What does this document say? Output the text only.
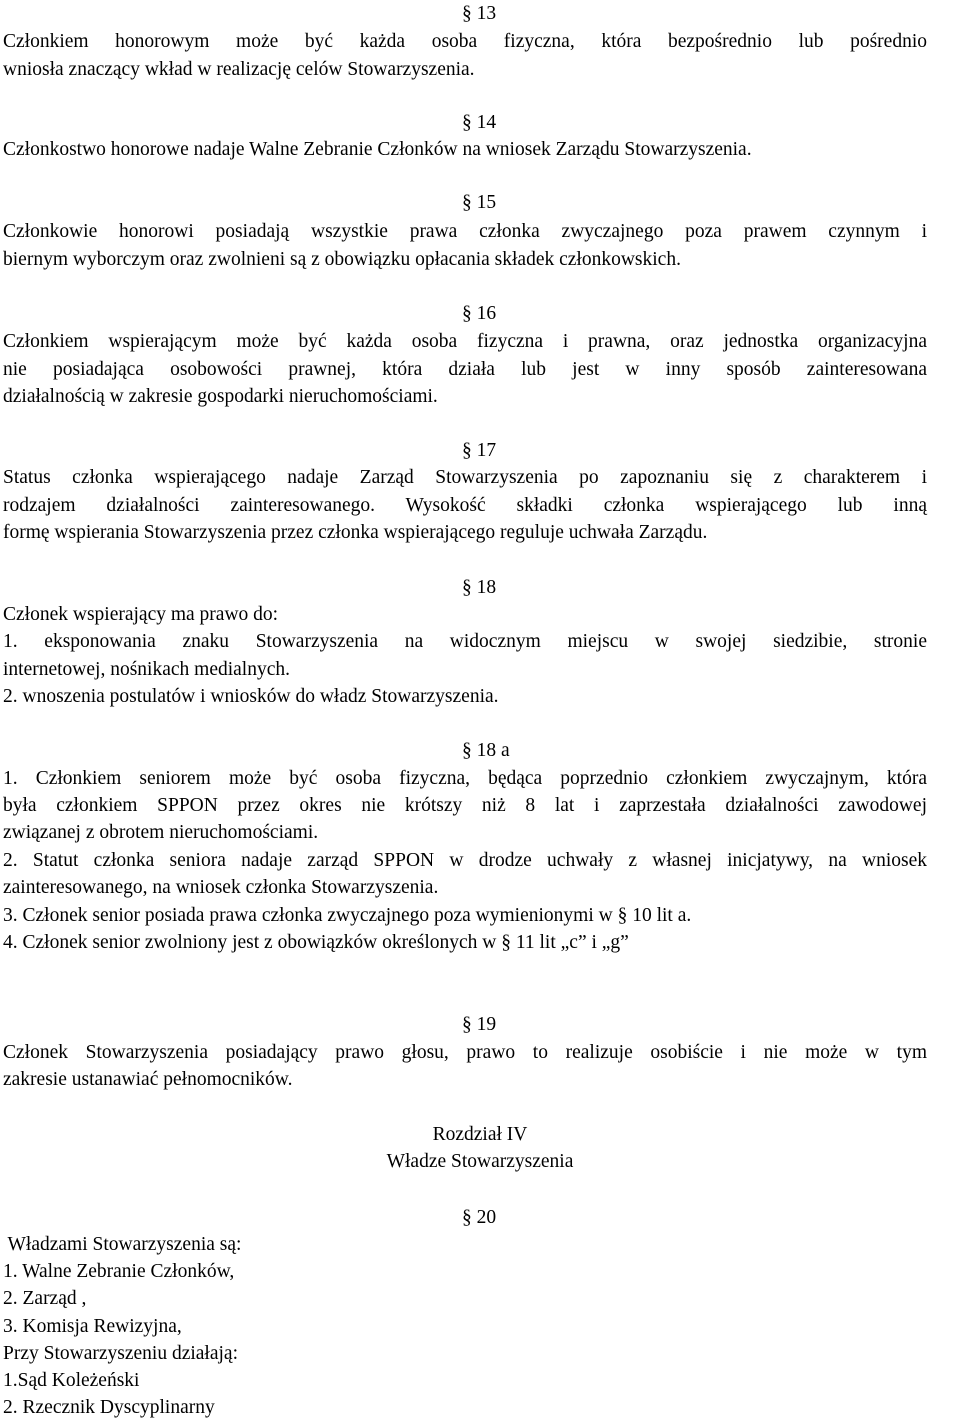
§ 13
Członkiem honorowym może być każda osoba fizyczna, która bezpośrednio lub pośrednio
wniosła znaczący wkład w realizację celów Stowarzyszenia.
§ 14
Członkostwo honorowe nadaje Walne Zebranie Członków na wniosek Zarządu Stowarzyszenia.
§ 15
Członkowie honorowi posiadają wszystkie prawa członka zwyczajnego poza prawem czynnym i
biernym wyborczym oraz zwolnieni są z obowiązku opłacania składek członkowskich.
§ 16
Członkiem wspierającym może być każda osoba fizyczna i prawna, oraz jednostka organizacyjna
nie posiadająca osobowości prawnej, która działa lub jest w inny sposób zainteresowana
działalnością w zakresie gospodarki nieruchomościami.
§ 17
Status członka wspierającego nadaje Zarząd Stowarzyszenia po zapoznaniu się z charakterem i
rodzajem działalności zainteresowanego. Wysokość składki członka wspierającego lub inną
formę wspierania Stowarzyszenia przez członka wspierającego reguluje uchwała Zarządu.
§ 18
Członek wspierający ma prawo do:
1. eksponowania znaku Stowarzyszenia na widocznym miejscu w swojej siedzibie, stronie
internetowej, nośnikach medialnych.
2. wnoszenia postulatów i wniosków do władz Stowarzyszenia.
§ 18 a
1. Członkiem seniorem może być osoba fizyczna, będąca poprzednio członkiem zwyczajnym, która
była członkiem SPPON przez okres nie krótszy niż 8 lat i zaprzestała działalności zawodowej
związanej z obrotem nieruchomościami.
2. Statut członka seniora nadaje zarząd SPPON w drodze uchwały z własnej inicjatywy, na wniosek
zainteresowanego, na wniosek członka Stowarzyszenia.
3. Członek senior posiada prawa członka zwyczajnego poza wymienionymi w § 10 lit a.
4. Członek senior zwolniony jest z obowiązków określonych w § 11 lit „c” i „g”
§ 19
Członek Stowarzyszenia posiadający prawo głosu, prawo to realizuje osobiście i nie może w tym
zakresie ustanawiać pełnomocników.
Rozdział IV
Władze Stowarzyszenia
§ 20
Władzami Stowarzyszenia są:
1. Walne Zebranie Członków,
2. Zarząd ,
3. Komisja Rewizyjna,
Przy Stowarzyszeniu działają:
1.Sąd Koleżeński
2. Rzecznik Dyscyplinarny
